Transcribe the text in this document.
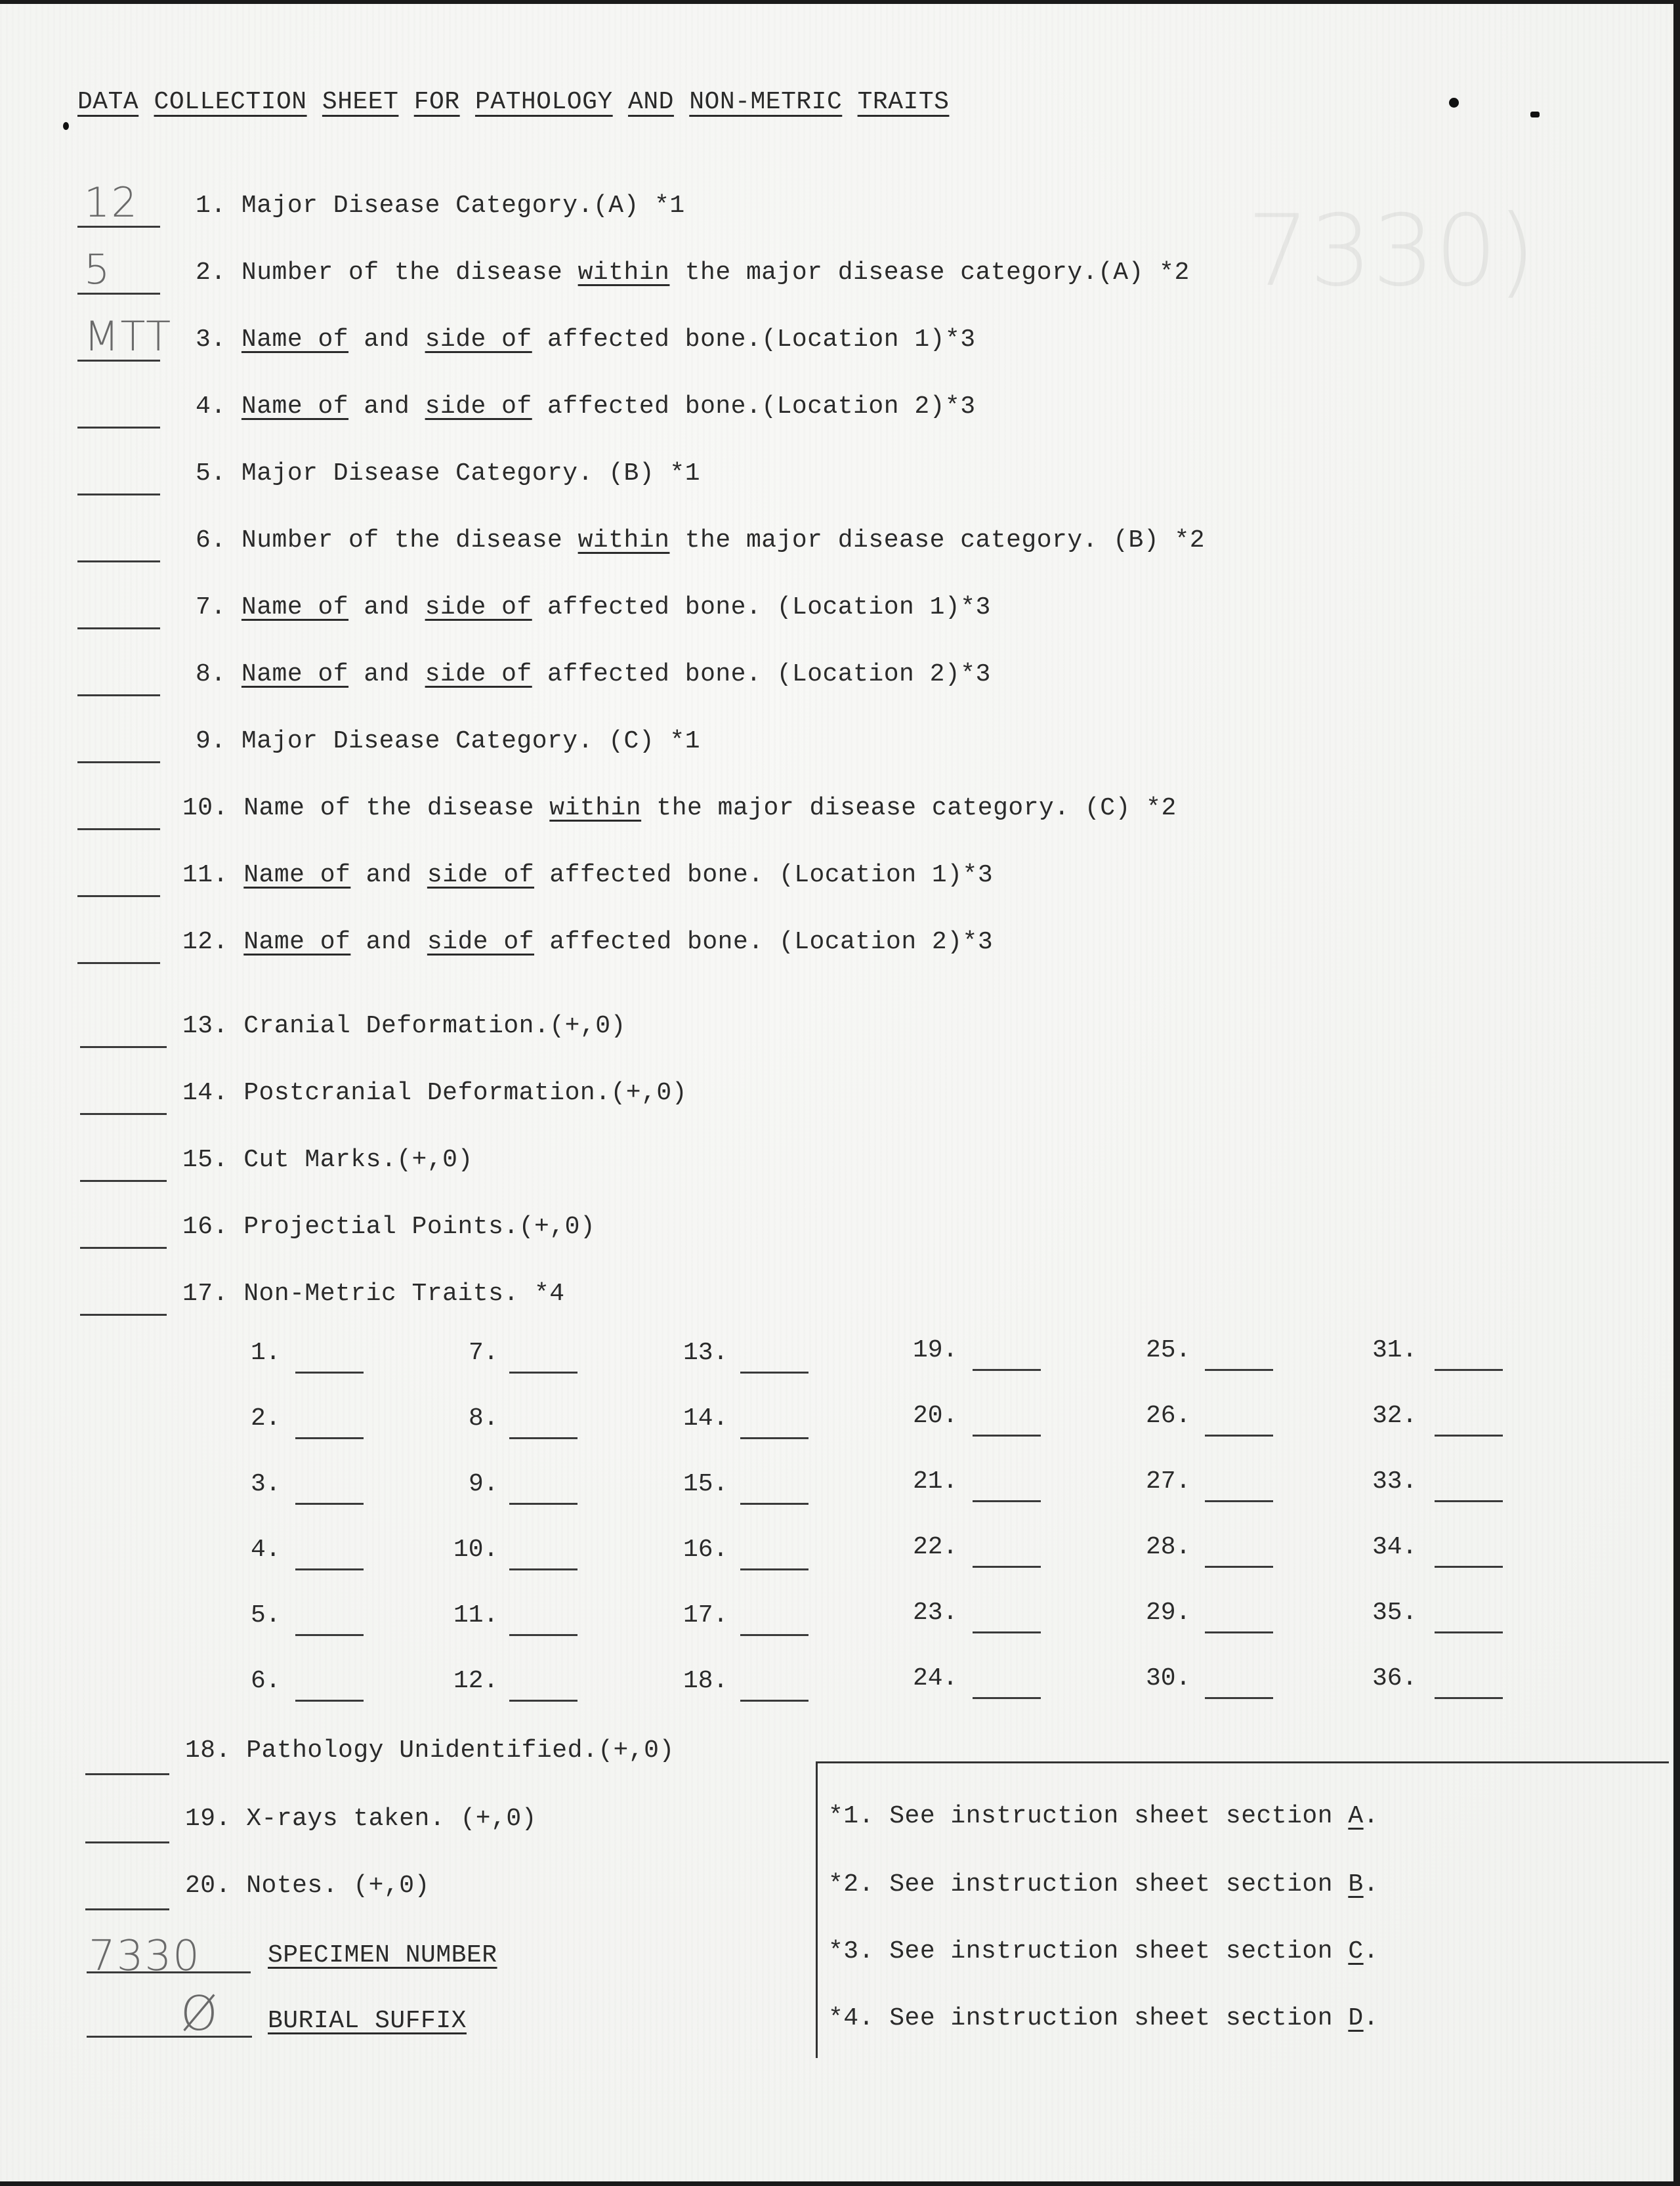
7330)
DATA COLLECTION SHEET FOR PATHOLOGY AND NON-METRIC TRAITS
12 1. Major Disease Category.(A) *1
5	2. Number of the disease within the major disease category.(A) *2
MTT 3. Name of and side of affected bone.(Location 1)*3
4. Name of and side of affected bone.(Location 2)*3
5. Major Disease Category. (B) *1
6. Number of the disease within the major disease category. (B) *2
7. Name of and side of affected bone. (Location 1)*3
8. Name of and side of affected bone. (Location 2)*3
9. Major Disease Category. (C) *1
10. Name of the disease within the major disease category. (C) *2
11. Name of and side of affected bone. (Location 1)*3
12. Name of and side of affected bone. (Location 2)*3
13. Cranial Deformation.(+,0)
14. Postcranial Deformation.(+,0)
15. Cut Marks.(+,0)
16. Projectial Points.(+,0)
17. Non-Metric Traits. *4
1.
2.
3.
4.
5.
6.
7.
8.
9.
10.
11.
12.
13.
14.
15.
16.
17.
18.
19.
20.
21.
22.
23.
24.
25.
26.
27.
28.
29.
30.
31.
32.
33.
34.
35.
36.
18. Pathology Unidentified.(+,0)
19. X-rays taken. (+,0)
20. Notes. (+,0)
7330	SPECIMEN NUMBER
Ø BURIAL SUFFIX
*1. See instruction sheet section A.
*2. See instruction sheet section B.
*3. See instruction sheet section C.
*4. See instruction sheet section D.
